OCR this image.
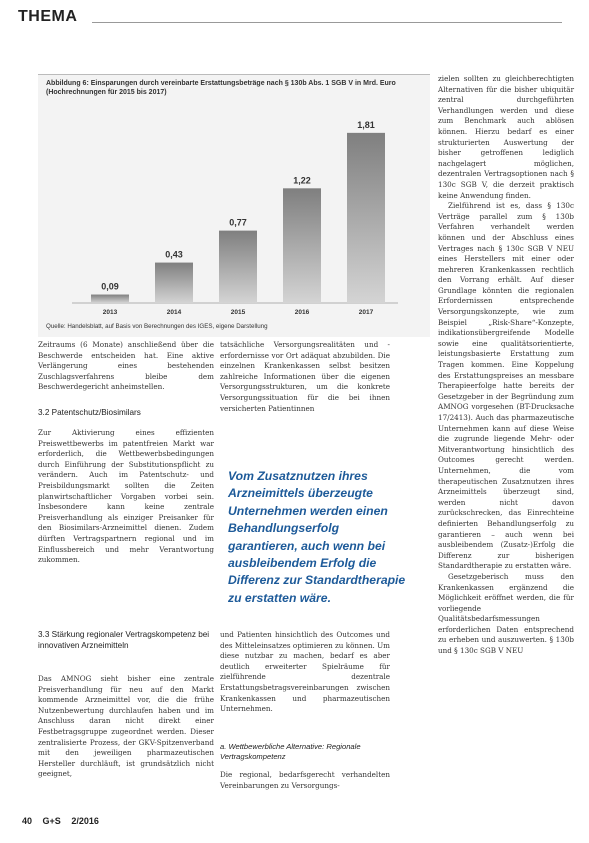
THEMA
Abbildung 6: Einsparungen durch vereinbarte Erstattungsbeträge nach § 130b Abs. 1 SGB V in Mrd. Euro (Hochrechnungen für 2015 bis 2017)
0,09
2013
0,43
2014
0,77
2015
1,22
2016
1,81
2017
Quelle: Handelsblatt, auf Basis von Berechnungen des IGES, eigene Darstellung

zielen sollten zu gleichberechtigten Alternativen für die bisher ubiquitär zentral durchgeführten Verhandlungen werden und diese zum Benchmark auch ablösen können. Hierzu bedarf es einer strukturierten Auswertung der bisher getroffenen lediglich nachgelagert möglichen, dezentralen Vertragsoptionen nach § 130c SGB V, die derzeit praktisch keine Anwendung finden.

Zielführend ist es, dass § 130c Verträge parallel zum § 130b Verfahren verhandelt werden können und der Abschluss eines Vertrages nach § 130c SGB V NEU eines Herstellers mit einer oder mehreren Krankenkassen rechtlich den Vorrang erhält. Auf dieser Grundlage könnten die regionalen Erfordernissen entsprechende Versorgungskonzepte, wie zum Beispiel „Risk-Share“-Konzepte, indikationsübergreifende Modelle sowie eine qualitätsorientierte, leistungsbasierte Erstattung zum Tragen kommen. Eine Koppelung des Erstattungspreises an messbare Therapieerfolge hatte bereits der Gesetzgeber in der Begründung zum AMNOG vorgesehen (BT-Drucksache 17/2413). Auch das pharmazeutische Unternehmen kann auf diese Weise die zugrunde liegende Mehr- oder Mitverantwortung hinsichtlich des Outcomes gerecht werden. Unternehmen, die vom therapeutischen Zusatznutzen ihres Arzneimittels überzeugt sind, werden nicht davon zurückschrecken, das Einrechteine definierten Behandlungserfolg zu garantieren – auch wenn bei ausbleibendem (Zusatz-)Erfolg die Differenz zur bisherigen Standardtherapie zu erstatten wäre.

Gesetzgeberisch muss den Krankenkassen ergänzend die Möglichkeit eröffnet werden, die für vorliegende Qualitätsbedarfsmessungen erforderlichen Daten entsprechend zu erheben und auszuwerten. § 130b und § 130c SGB V NEU

Zeitraums (6 Monate) anschließend über die Beschwerde entscheiden hat. Eine aktive Verlängerung eines bestehenden Zuschlagsverfahrens bleibe dem Beschwerdegericht anheimstellen.

3.2 Patentschutz/Biosimilars

Zur Aktivierung eines effizienten Preiswettbewerbs im patentfreien Markt war erforderlich, die Wettbewerbsbedingungen durch Einführung der Substitutionspflicht zu verändern. Auch im Patentschutz- und Preisbildungsmarkt sollten die Zeiten planwirtschaftlicher Vorgaben vorbei sein. Insbesondere kann keine zentrale Preisverhandlung als einziger Preisanker für den Biosimilars-Arzneimittel dienen. Zudem dürften Vertragspartnern regional und im Einflussbereich und mehr Verantwortung zukommen.

3.3 Stärkung regionaler Vertragskompetenz bei innovativen Arzneimitteln

Das AMNOG sieht bisher eine zentrale Preisverhandlung für neu auf den Markt kommende Arzneimittel vor, die die frühe Nutzenbewertung durchlaufen haben und im Anschluss daran nicht direkt einer Festbetragsgruppe zugeordnet werden. Dieser zentralisierte Prozess, der GKV-Spitzenverband mit den jeweiligen pharmazeutischen Hersteller durchläuft, ist grundsätzlich nicht geeignet,

tatsächliche Versorgungsrealitäten und -erfordernisse vor Ort adäquat abzubilden. Die einzelnen Krankenkassen selbst besitzen zahlreiche Informationen über die eigenen Versorgungsstrukturen, um die konkrete Versorgungssituation für die bei ihnen versicherten Patientinnen

Vom Zusatznutzen ihres Arzneimittels überzeugte Unternehmen werden einen Behandlungserfolg garantieren, auch wenn bei ausbleibendem Erfolg die Differenz zur Standardtherapie zu erstatten wäre.

und Patienten hinsichtlich des Outcomes und des Mitteleinsatzes optimieren zu können. Um diese nutzbar zu machen, bedarf es aber deutlich erweiterter Spielräume für zielführende dezentrale Erstattungsbetragsvereinbarungen zwischen Krankenkassen und pharmazeutischen Unternehmen.

a. Wettbewerbliche Alternative: Regionale Vertragskompetenz

Die regional, bedarfsgerecht verhandelten Vereinbarungen zu Versorgungs-

40 G+S 2/2016
